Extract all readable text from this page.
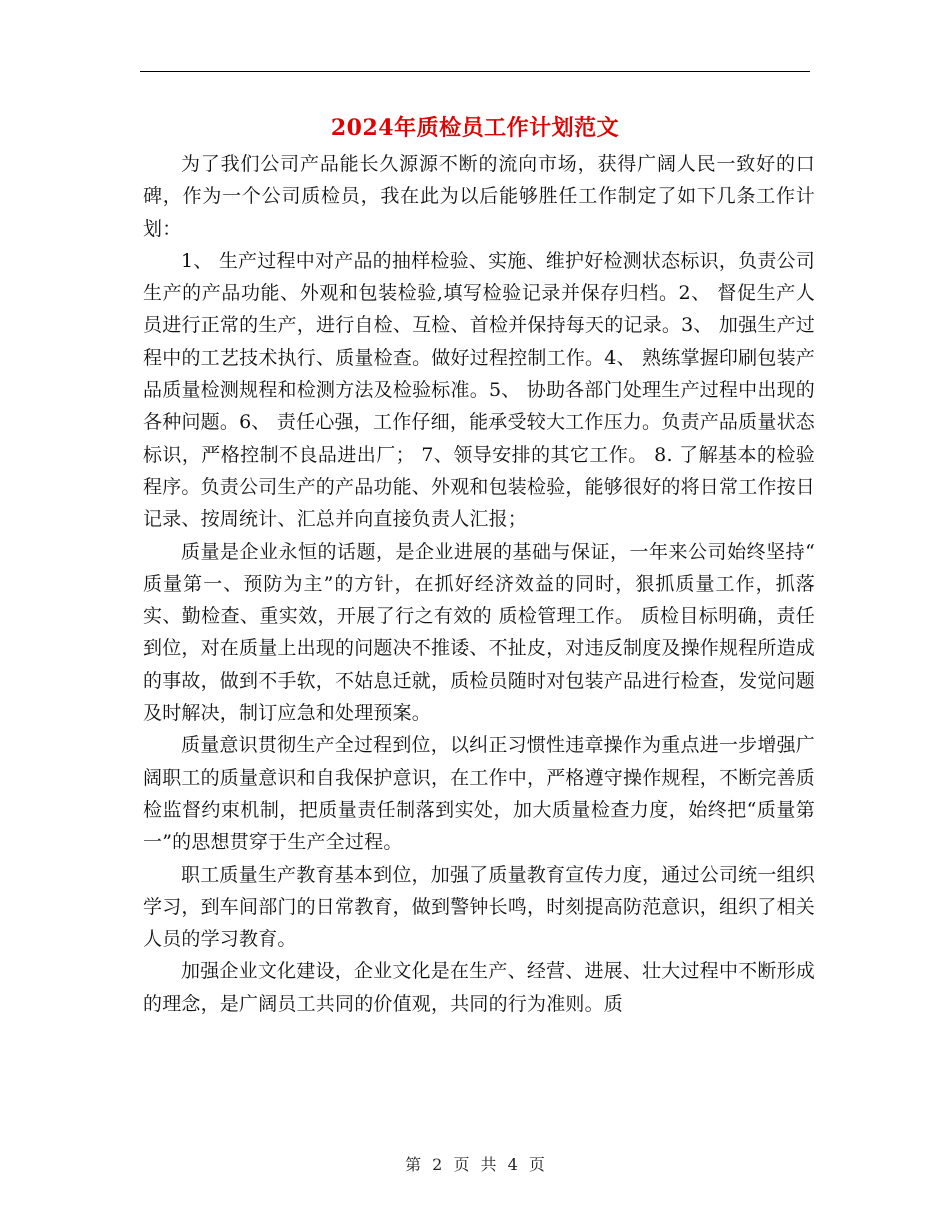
2024年质检员工作计划范文

为了我们公司产品能长久源源不断的流向市场，获得广阔人民一致好的口碑，作为一个公司质检员，我在此为以后能够胜任工作制定了如下几条工作计划：

1、 生产过程中对产品的抽样检验、实施、维护好检测状态标识，负责公司生产的产品功能、外观和包装检验,填写检验记录并保存归档。2、 督促生产人员进行正常的生产，进行自检、互检、首检并保持每天的记录。3、 加强生产过程中的工艺技术执行、质量检查。做好过程控制工作。4、 熟练掌握印刷包装产品质量检测规程和检测方法及检验标准。5、 协助各部门处理生产过程中出现的各种问题。6、 责任心强，工作仔细，能承受较大工作压力。负责产品质量状态标识，严格控制不良品进出厂； 7、领导安排的其它工作。 8. 了解基本的检验程序。负责公司生产的产品功能、外观和包装检验，能够很好的将日常工作按日记录、按周统计、汇总并向直接负责人汇报；

质量是企业永恒的话题，是企业进展的基础与保证，一年来公司始终坚持“ 质量第一、预防为主”的方针，在抓好经济效益的同时，狠抓质量工作，抓落实、勤检查、重实效，开展了行之有效的 质检管理工作。 质检目标明确，责任到位，对在质量上出现的问题决不推诿、不扯皮，对违反制度及操作规程所造成的事故，做到不手软，不姑息迁就，质检员随时对包装产品进行检查，发觉问题及时解决，制订应急和处理预案。

质量意识贯彻生产全过程到位，以纠正习惯性违章操作为重点进一步增强广阔职工的质量意识和自我保护意识，在工作中，严格遵守操作规程，不断完善质检监督约束机制，把质量责任制落到实处，加大质量检查力度，始终把“质量第一”的思想贯穿于生产全过程。

职工质量生产教育基本到位，加强了质量教育宣传力度，通过公司统一组织学习，到车间部门的日常教育，做到警钟长鸣，时刻提高防范意识，组织了相关人员的学习教育。

加强企业文化建设，企业文化是在生产、经营、进展、壮大过程中不断形成的理念，是广阔员工共同的价值观，共同的行为准则。质

第 2 页 共 4 页
